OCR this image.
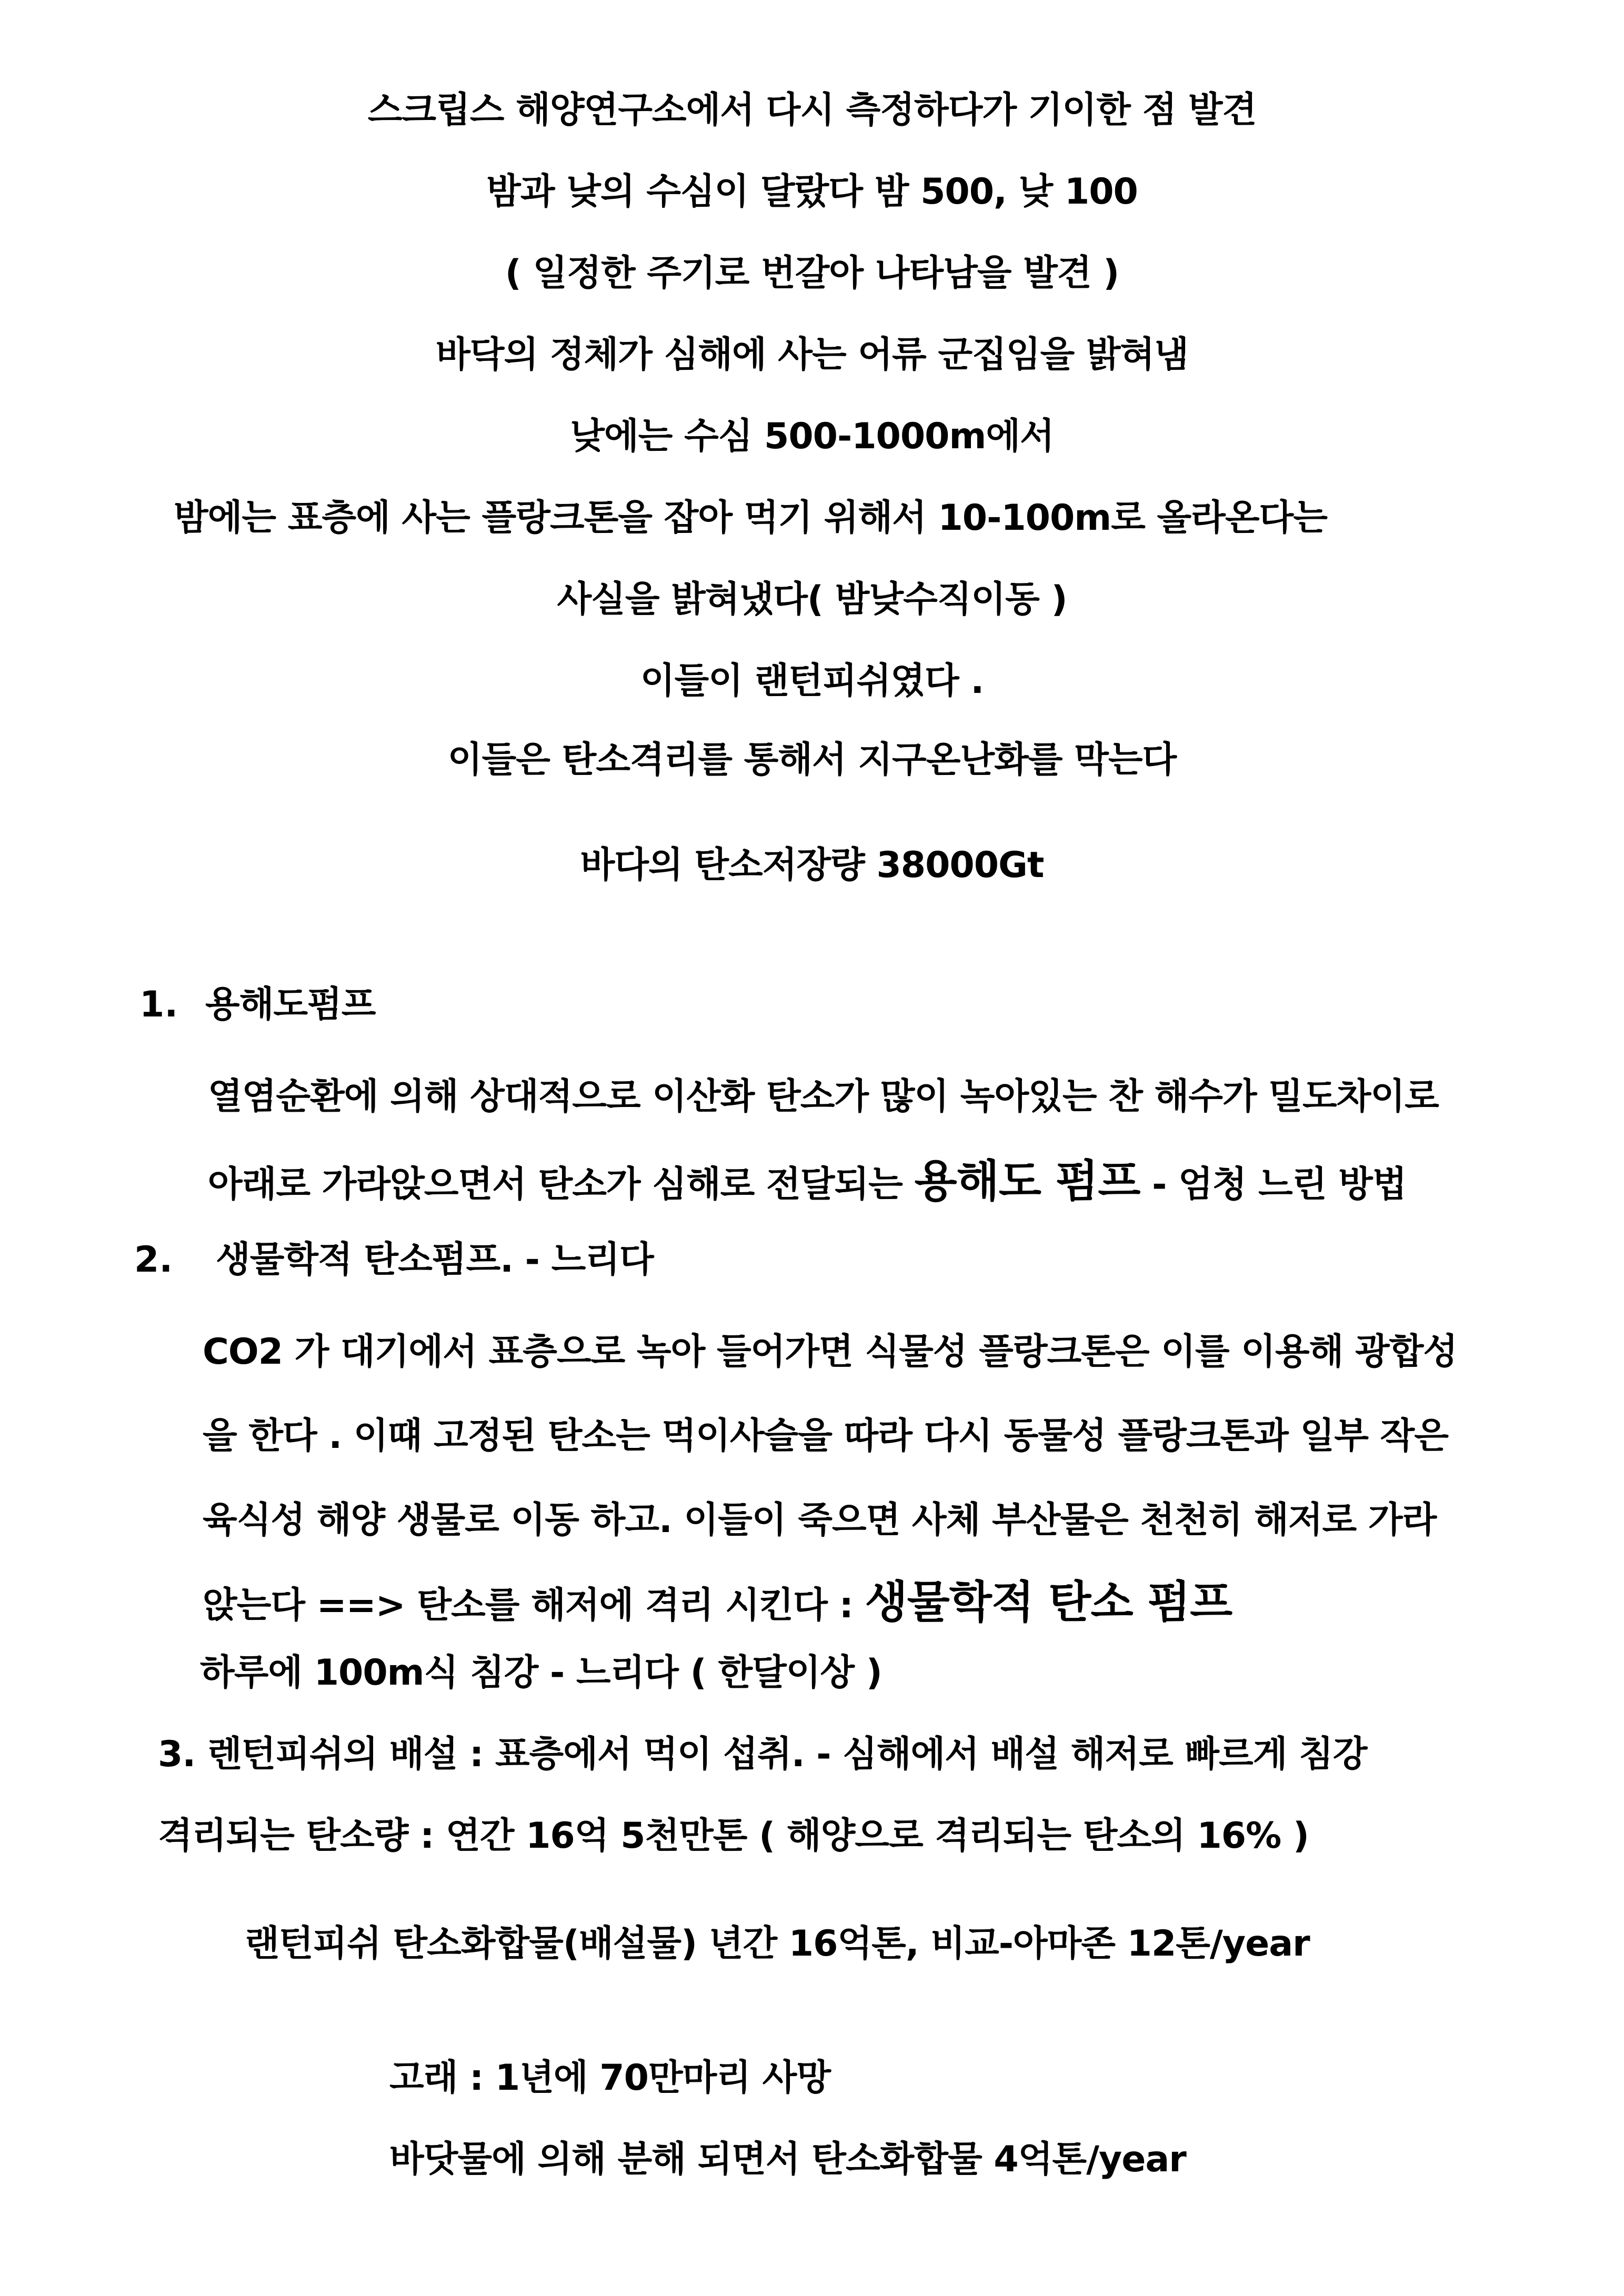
스크립스 해양연구소에서 다시 측정하다가 기이한 점 발견
밤과 낮의 수심이 달랐다 밤 500, 낮 100
( 일정한 주기로 번갈아 나타남을 발견 )
바닥의 정체가 심해에 사는 어류 군집임을 밝혀냄
낮에는 수심 500-1000m에서
밤에는 표층에 사는 플랑크톤을 잡아 먹기 위해서 10-100m로 올라온다는
사실을 밝혀냈다( 밤낮수직이동 )
이들이 랜턴피쉬였다 .
이들은 탄소격리를 통해서 지구온난화를 막는다
바다의 탄소저장량 38000Gt
1. 용해도펌프
열염순환에 의해 상대적으로 이산화 탄소가 많이 녹아있는 찬 해수가 밀도차이로
아래로 가라앉으면서 탄소가 심해로 전달되는 용해도 펌프 - 엄청 느린 방법
2. 생물학적 탄소펌프. - 느리다
CO2 가 대기에서 표층으로 녹아 들어가면 식물성 플랑크톤은 이를 이용해 광합성
을 한다 . 이떄 고정된 탄소는 먹이사슬을 따라 다시 동물성 플랑크톤과 일부 작은
육식성 해양 생물로 이동 하고. 이들이 죽으면 사체 부산물은 천천히 해저로 가라
앉는다 ==> 탄소를 해저에 격리 시킨다 : 생물학적 탄소 펌프
하루에 100m식 침강 - 느리다 ( 한달이상 )
3. 렌턴피쉬의 배설 : 표층에서 먹이 섭취. - 심해에서 배설 해저로 빠르게 침강
격리되는 탄소량 : 연간 16억 5천만톤 ( 해양으로 격리되는 탄소의 16% )
랜턴피쉬 탄소화합물(배설물) 년간 16억톤, 비교-아마존 12톤/year
고래 : 1년에 70만마리 사망
바닷물에 의해 분해 되면서 탄소화합물 4억톤/year
